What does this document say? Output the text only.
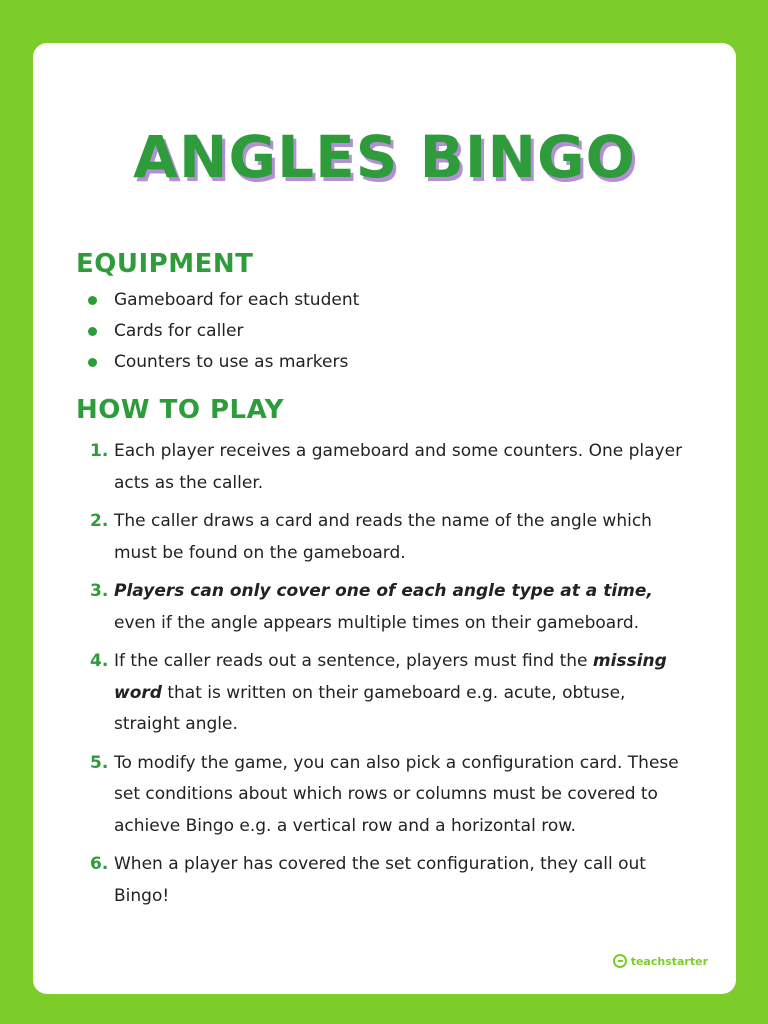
ANGLES BINGO
EQUIPMENT
Gameboard for each student
Cards for caller
Counters to use as markers
HOW TO PLAY
1. Each player receives a gameboard and some counters. One player acts as the caller.
2. The caller draws a card and reads the name of the angle which must be found on the gameboard.
3. Players can only cover one of each angle type at a time, even if the angle appears multiple times on their gameboard.
4. If the caller reads out a sentence, players must find the missing word that is written on their gameboard e.g. acute, obtuse, straight angle.
5. To modify the game, you can also pick a configuration card. These set conditions about which rows or columns must be covered to achieve Bingo e.g. a vertical row and a horizontal row.
6. When a player has covered the set configuration, they call out Bingo!
teachstarter
